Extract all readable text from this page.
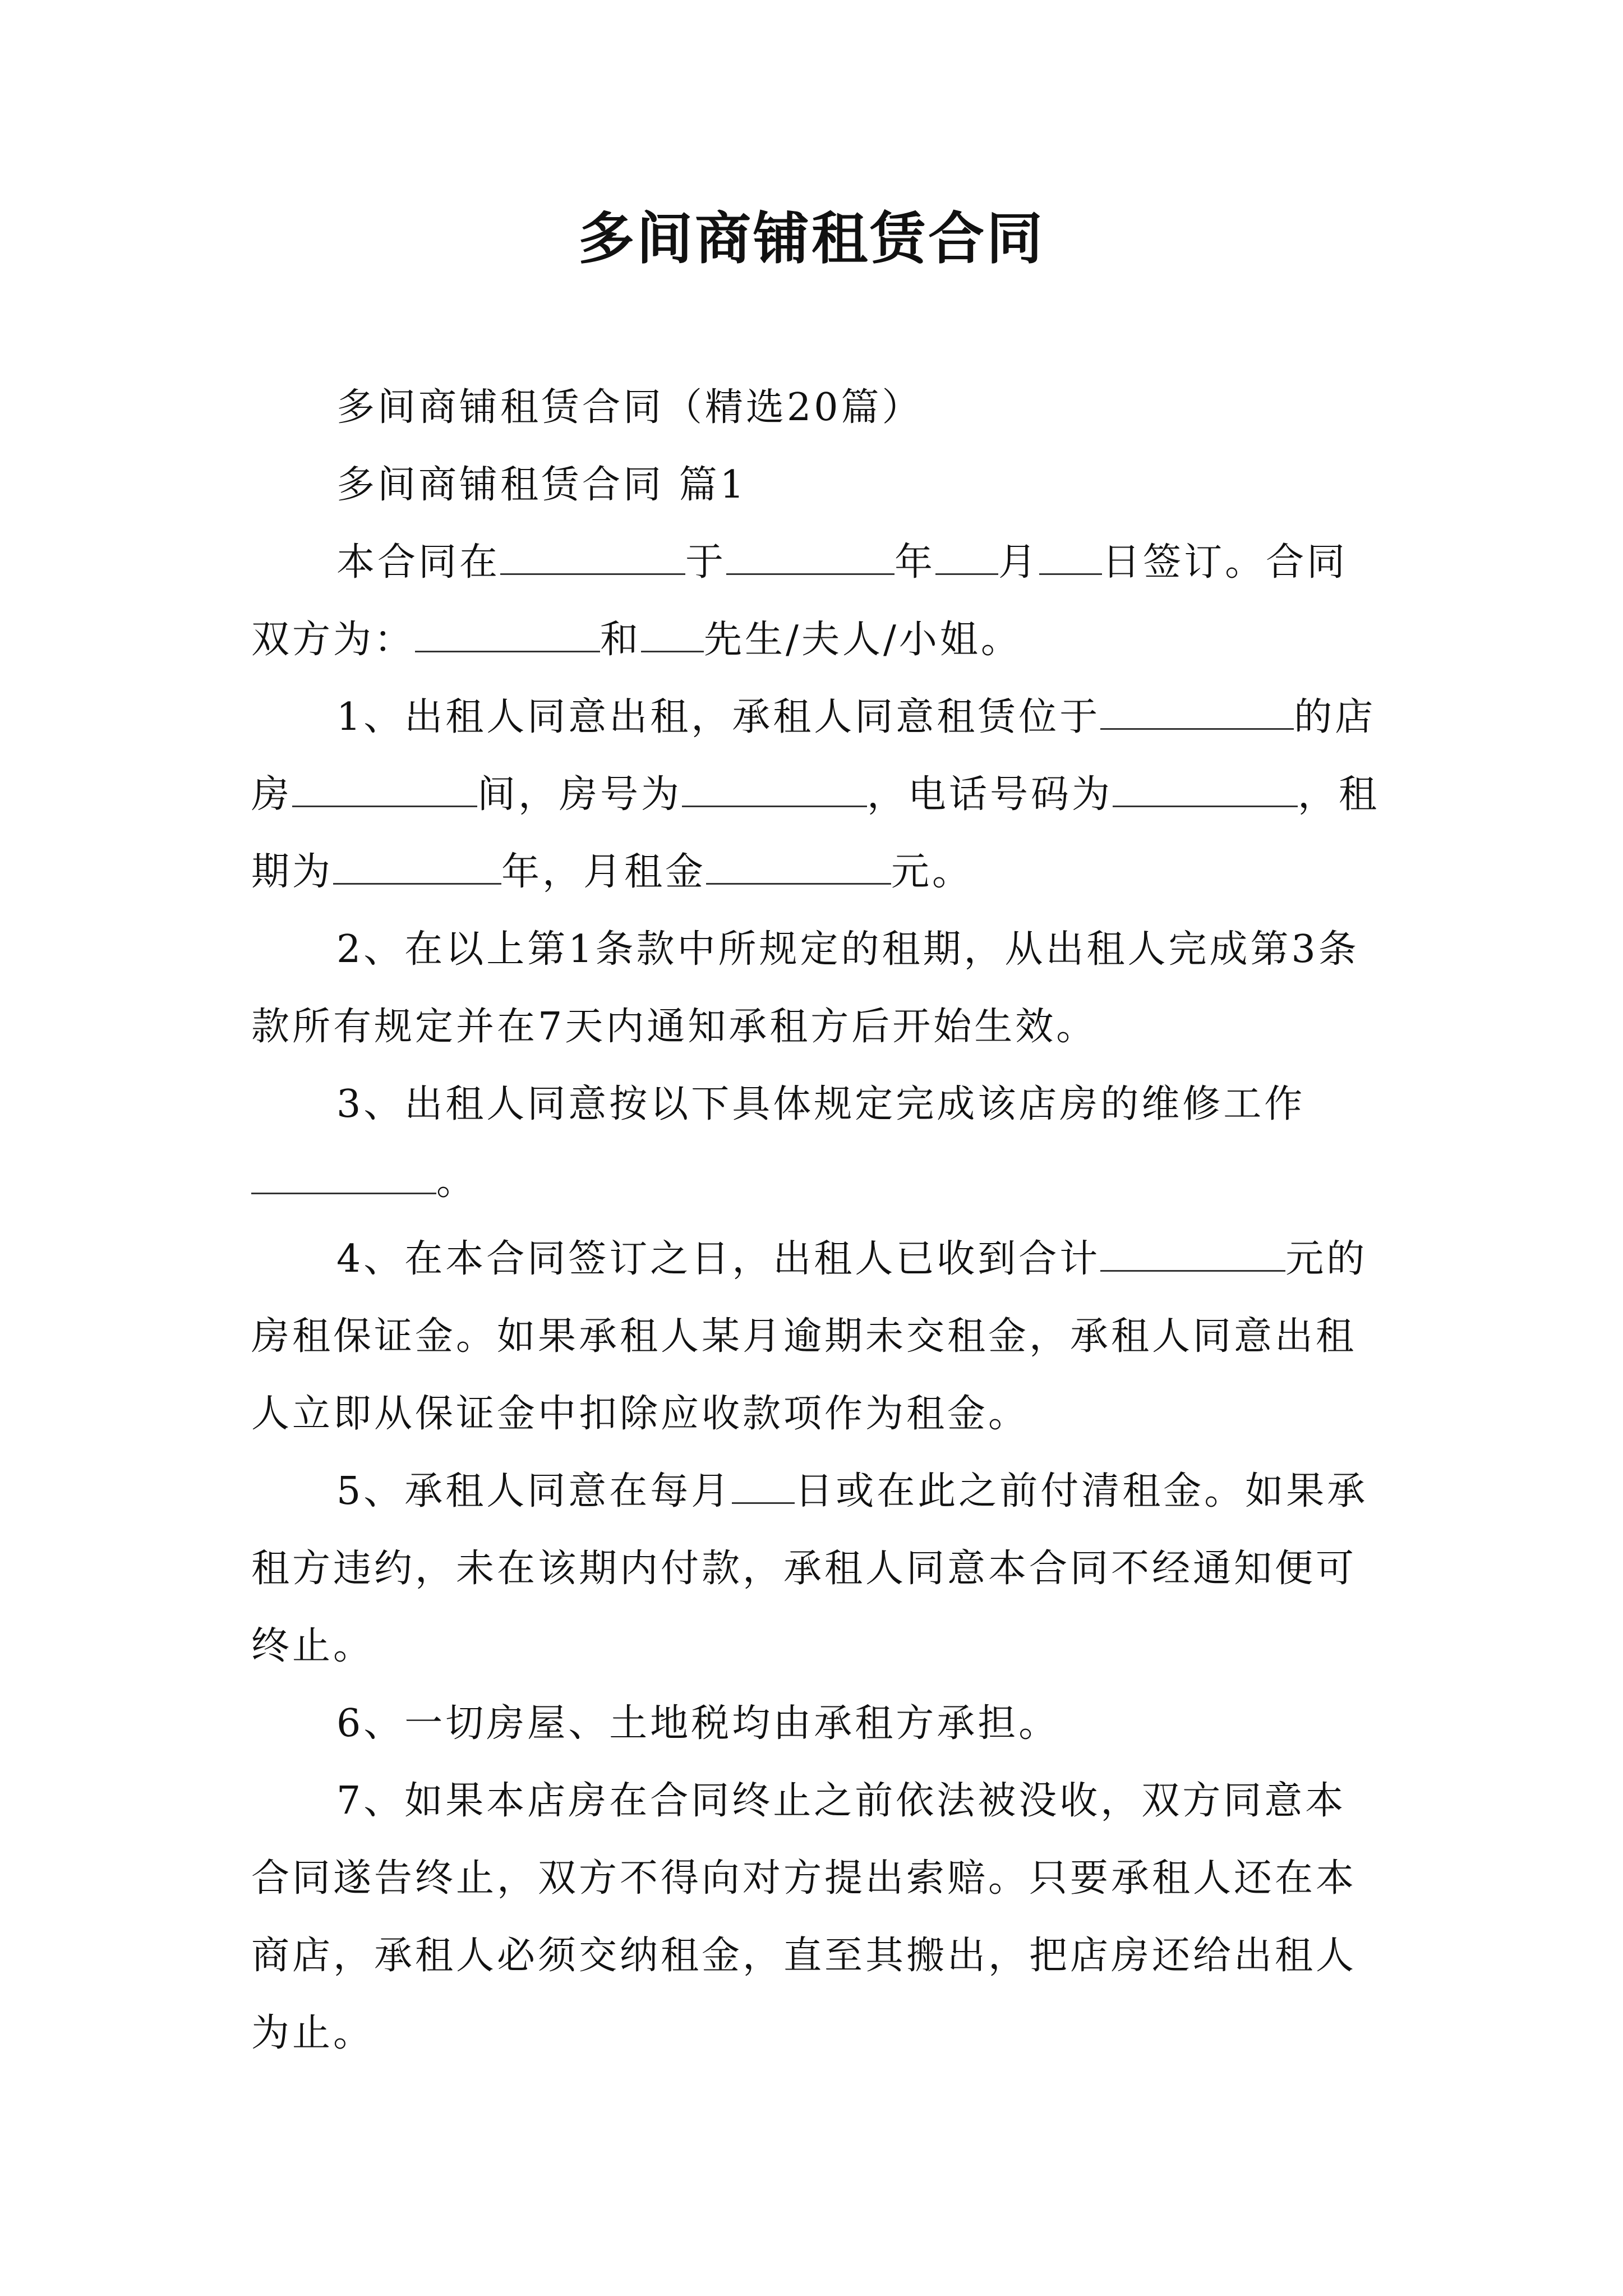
多间商铺租赁合同

多间商铺租赁合同（精选20篇）

多间商铺租赁合同 篇1

本合同在	于	年 月 日签订。合同双方为：	和 先生/夫人/小姐。

1、出租人同意出租，承租人同意租赁位于	的店房	间，房号为	，电话号码为	，租期为	年，月租金	元。

2、在以上第1条款中所规定的租期，从出租人完成第3条款所有规定并在7天内通知承租方后开始生效。

3、出租人同意按以下具体规定完成该店房的维修工作。

4、在本合同签订之日，出租人已收到合计	元的房租保证金。如果承租人某月逾期未交租金，承租人同意出租人立即从保证金中扣除应收款项作为租金。

5、承租人同意在每月 日或在此之前付清租金。如果承租方违约，未在该期内付款，承租人同意本合同不经通知便可终止。

6、一切房屋、土地税均由承租方承担。

7、如果本店房在合同终止之前依法被没收，双方同意本合同遂告终止，双方不得向对方提出索赔。只要承租人还在本商店，承租人必须交纳租金，直至其搬出，把店房还给出租人为止。
